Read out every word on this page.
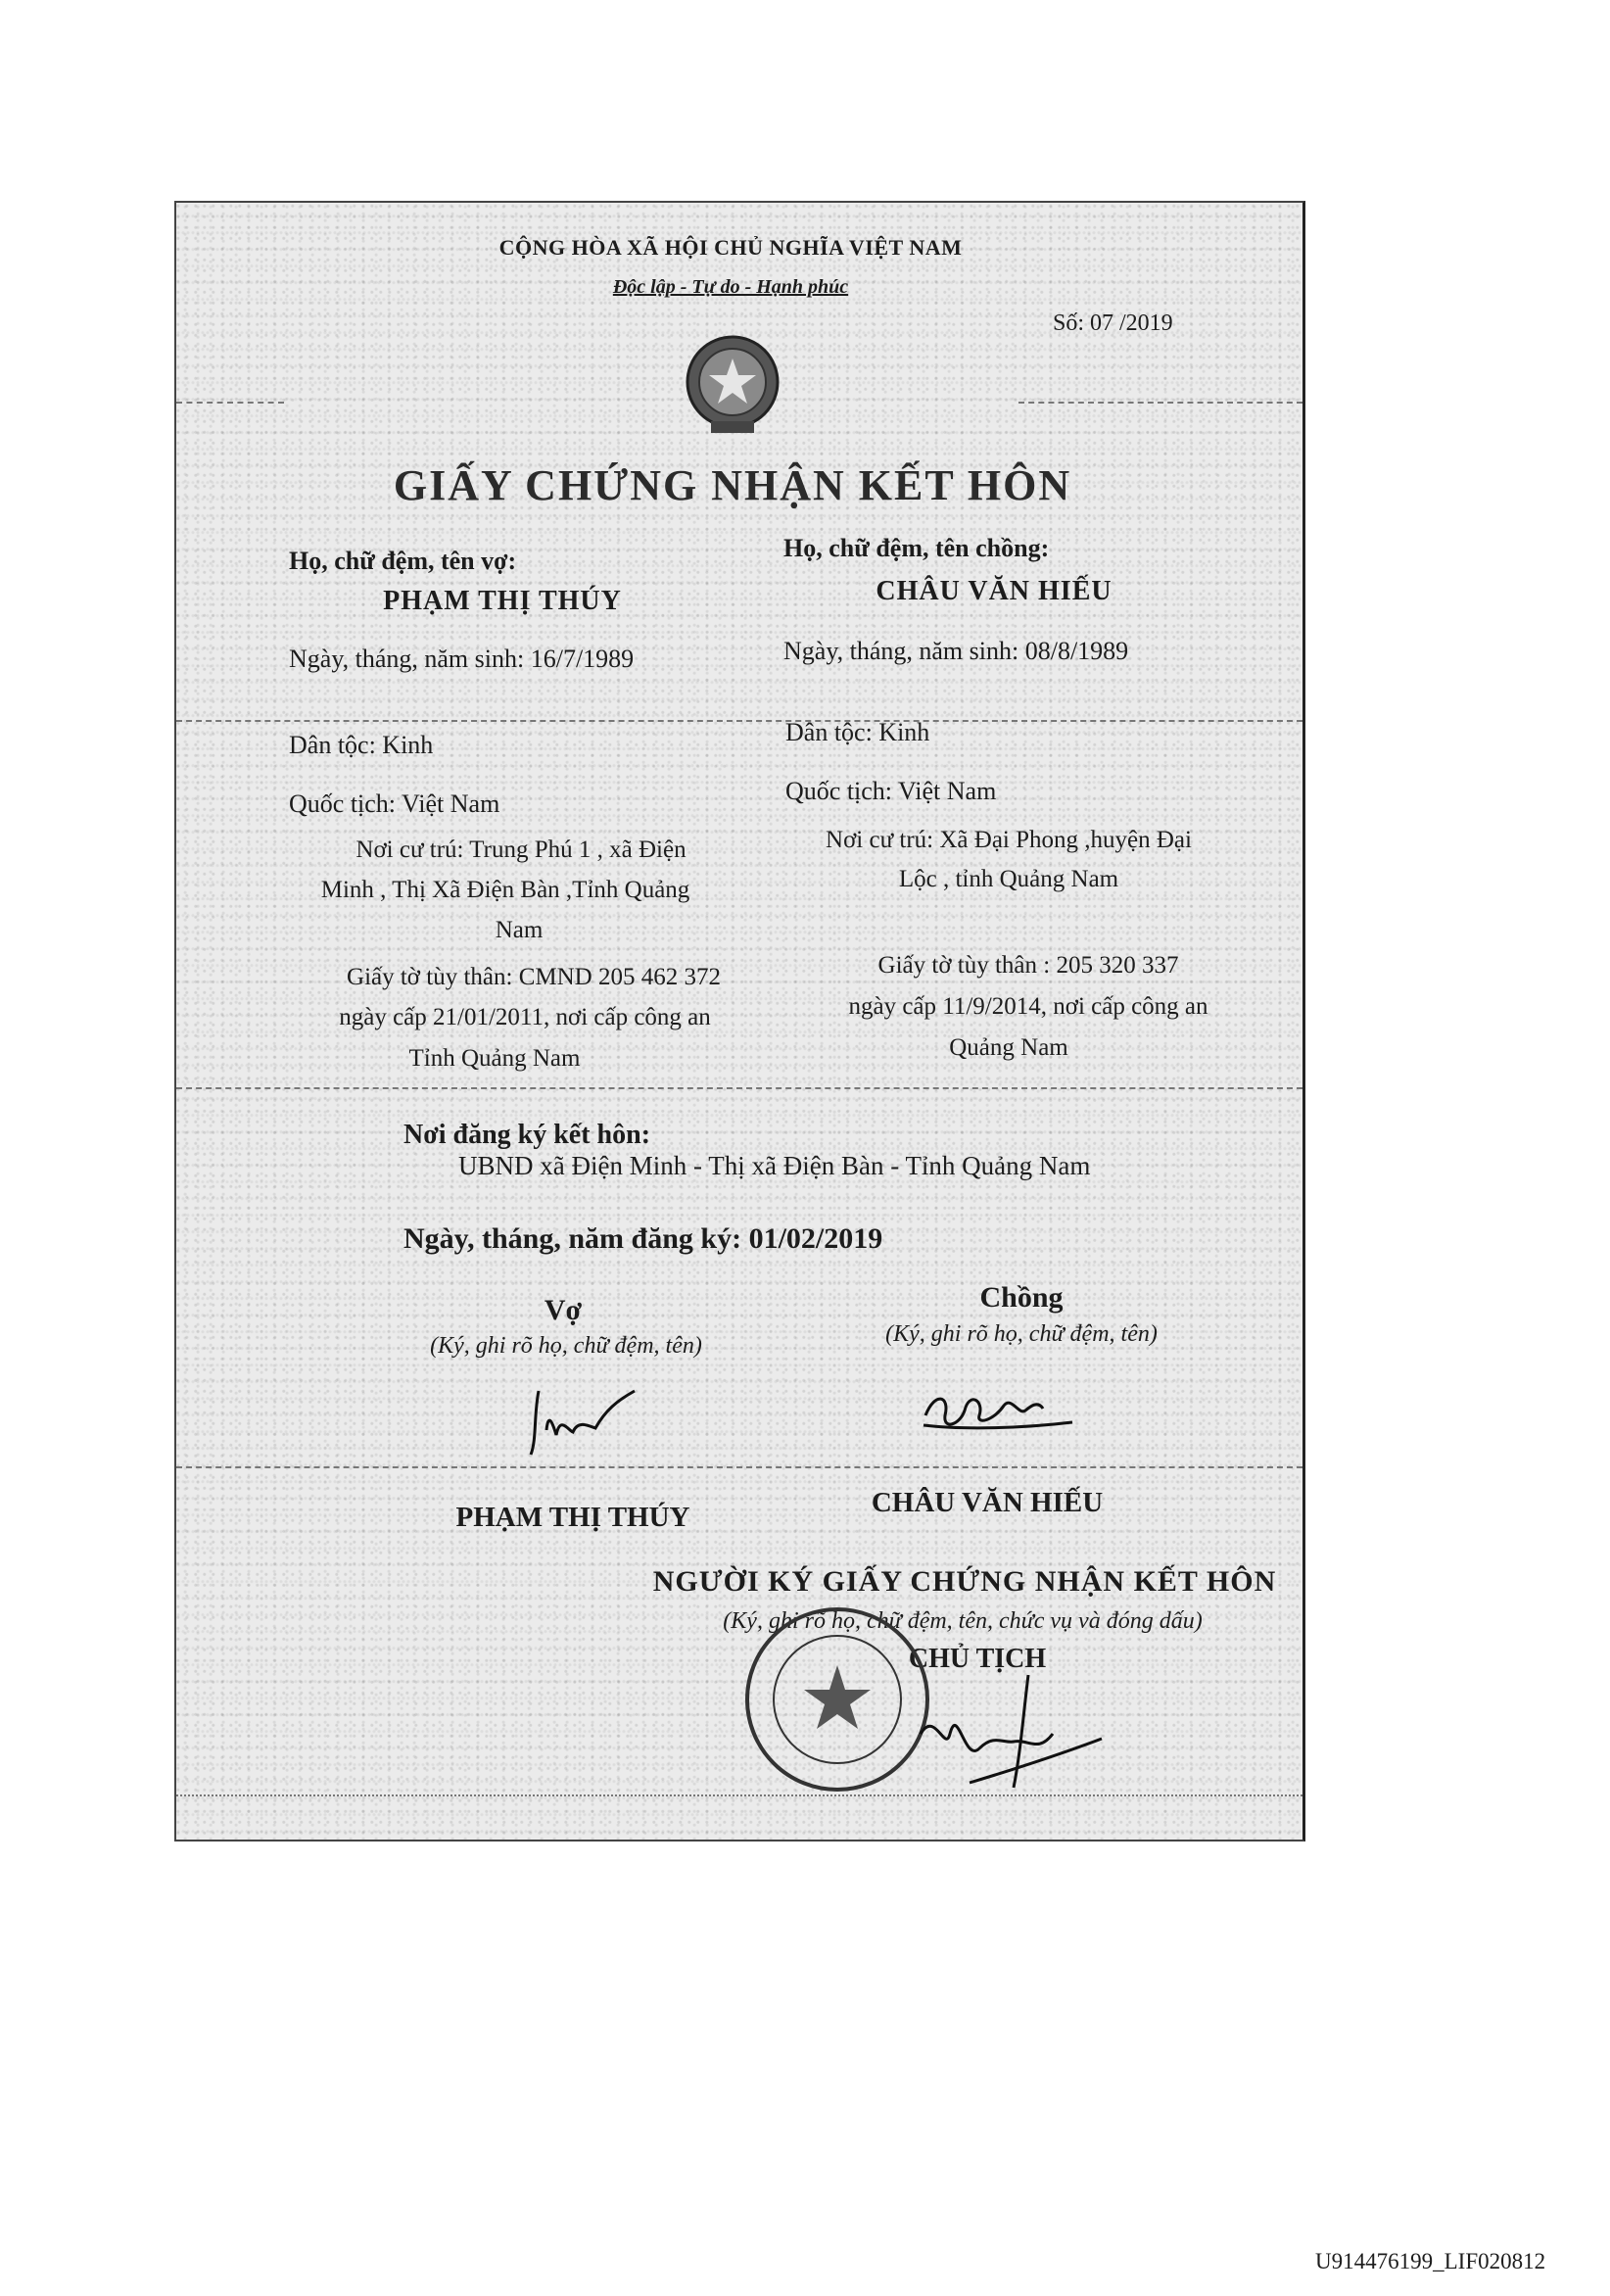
CỘNG HÒA XÃ HỘI CHỦ NGHĨA VIỆT NAM
Độc lập - Tự do - Hạnh phúc
Số: 07 /2019
GIẤY CHỨNG NHẬN KẾT HÔN
Họ, chữ đệm, tên vợ:
PHẠM THỊ THÚY
Ngày, tháng, năm sinh: 16/7/1989
Dân tộc: Kinh
Quốc tịch: Việt Nam
Nơi cư trú: Trung Phú 1 , xã Điện
Minh , Thị Xã Điện Bàn ,Tỉnh Quảng
Nam
Giấy tờ tùy thân: CMND 205 462 372
ngày cấp 21/01/2011, nơi cấp công an
Tỉnh Quảng Nam
Họ, chữ đệm, tên chồng:
CHÂU VĂN HIẾU
Ngày, tháng, năm sinh: 08/8/1989
Dân tộc: Kinh
Quốc tịch: Việt Nam
Nơi cư trú: Xã Đại Phong ,huyện Đại
Lộc , tỉnh Quảng Nam
Giấy tờ tùy thân : 205 320 337
ngày cấp 11/9/2014, nơi cấp công an
Quảng Nam
Nơi đăng ký kết hôn:
UBND xã Điện Minh - Thị xã Điện Bàn - Tỉnh Quảng Nam
Ngày, tháng, năm đăng ký: 01/02/2019
Vợ
(Ký, ghi rõ họ, chữ đệm, tên)
Chồng
(Ký, ghi rõ họ, chữ đệm, tên)
PHẠM THỊ THÚY	CHÂU VĂN HIẾU
NGƯỜI KÝ GIẤY CHỨNG NHẬN KẾT HÔN
(Ký, ghi rõ họ, chữ đệm, tên, chức vụ và đóng dấu)
CHỦ TỊCH
U914476199_LIF020812
